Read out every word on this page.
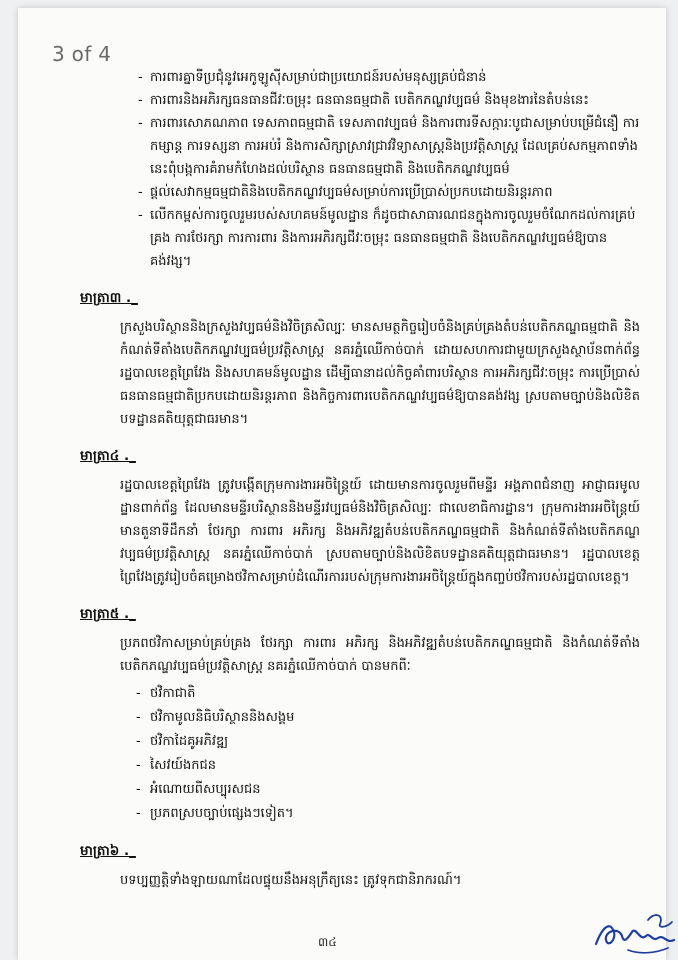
3 of 4
- ការពារគ្នាទីប្រជុំនូវអេកូឡូស៊ីសម្រាប់ជាប្រយោជន៍របស់មនុស្សគ្រប់ជំនាន់
- ការពារនិងអភិរក្សធនធានជីវៈចម្រុះ ធនធានធម្មជាតិ បេតិកភណ្ឌវប្បធម៌ និងមុខងារនៃតំបន់នេះ
- ការពារសោភណភាព ទេសភាពធម្មជាតិ ទេសភាពវប្បធម៌ និងការពារទីសក្ការៈបូជាសម្រាប់បម្រើជំនឿ ការកម្សាន្ត ការទស្សនា ការអប់រំ និងការសិក្សាស្រាវជ្រាវវិទ្យាសាស្ត្រនិងប្រវត្តិសាស្ត្រ ដែលគ្រប់សកម្មភាពទាំងនេះពុំបង្កការគំរាមកំហែងដល់បរិស្ថាន ធនធានធម្មជាតិ និងបេតិកភណ្ឌវប្បធម៌
- ផ្តល់សេវាកម្មធម្មជាតិនិងបេតិកភណ្ឌវប្បធម៌សម្រាប់ការប្រើប្រាស់ប្រកបដោយនិរន្តរភាព
- លើកកម្ពស់ការចូលរួមរបស់សហគមន៍មូលដ្ឋាន ក៏ដូចជាសាធារណជនក្នុងការចូលរួមចំណែកដល់ការគ្រប់គ្រង ការថែរក្សា ការការពារ និងការអភិរក្សជីវៈចម្រុះ ធនធានធម្មជាតិ និងបេតិកភណ្ឌវប្បធម៌ឱ្យបានគង់វង្ស។
មាត្រា៣ ._

ក្រសួងបរិស្ថាននិងក្រសួងវប្បធម៌និងវិចិត្រសិល្បៈ មានសមត្ថកិច្ចរៀបចំនិងគ្រប់គ្រងតំបន់បេតិកភណ្ឌធម្មជាតិ និងកំណត់ទីតាំងបេតិកភណ្ឌវប្បធម៌ប្រវត្តិសាស្ត្រ នគរភ្នំឈើកាច់បាក់ ដោយសហការជាមួយក្រសួងស្ថាប័នពាក់ព័ន្ធ រដ្ឋបាលខេត្តព្រៃវែង និងសហគមន៍មូលដ្ឋាន ដើម្បីធានាដល់កិច្ចគាំពារបរិស្ថាន ការអភិរក្សជីវៈចម្រុះ ការប្រើប្រាស់ធនធានធម្មជាតិប្រកបដោយនិរន្តរភាព និងកិច្ចការពារបេតិកភណ្ឌវប្បធម៌ឱ្យបានគង់វង្ស ស្របតាមច្បាប់និងលិខិតបទដ្ឋានគតិយុត្តជាធរមាន។

មាត្រា៤ ._

រដ្ឋបាលខេត្តព្រៃវែង ត្រូវបង្កើតក្រុមការងារអចិន្ត្រៃយ៍ ដោយមានការចូលរួមពីមន្ទីរ អង្គភាពជំនាញ អាជ្ញាធរមូលដ្ឋានពាក់ព័ន្ធ ដែលមានមន្ទីរបរិស្ថាននិងមន្ទីរវប្បធម៌និងវិចិត្រសិល្បៈ ជាលេខាធិការដ្ឋាន។ ក្រុមការងារអចិន្ត្រៃយ៍មានតួនាទីដឹកនាំ ថែរក្សា ការពារ អភិរក្ស និងអភិវឌ្ឍតំបន់បេតិកភណ្ឌធម្មជាតិ និងកំណត់ទីតាំងបេតិកភណ្ឌវប្បធម៌ប្រវត្តិសាស្ត្រ នគរភ្នំឈើកាច់បាក់ ស្របតាមច្បាប់និងលិខិតបទដ្ឋានគតិយុត្តជាធរមាន។ រដ្ឋបាលខេត្តព្រៃវែងត្រូវរៀបចំគម្រោងថវិកាសម្រាប់ដំណើរការរបស់ក្រុមការងារអចិន្ត្រៃយ៍ក្នុងកញ្ចប់ថវិការបស់រដ្ឋបាលខេត្ត។

មាត្រា៥ ._

ប្រភពថវិកាសម្រាប់គ្រប់គ្រង ថែរក្សា ការពារ អភិរក្ស និងអភិវឌ្ឍតំបន់បេតិកភណ្ឌធម្មជាតិ និងកំណត់ទីតាំងបេតិកភណ្ឌវប្បធម៌ប្រវត្តិសាស្ត្រ នគរភ្នំឈើកាច់បាក់ បានមកពីៈ

- ថវិកាជាតិ
- ថវិកាមូលនិធិបរិស្ថាននិងសង្គម
- ថវិកាដៃគូអភិវឌ្ឍ
- សៃវយ៍ងកជន
- អំណោយពីសប្បុរសជន
- ប្រភពស្របច្បាប់ផ្សេងៗទៀត។
មាត្រា៦ ._

បទប្បញ្ញត្តិទាំងឡាយណាដែលផ្ទុយនឹងអនុក្រឹត្យនេះ ត្រូវទុកជានិរាករណ៍។

៣៤
